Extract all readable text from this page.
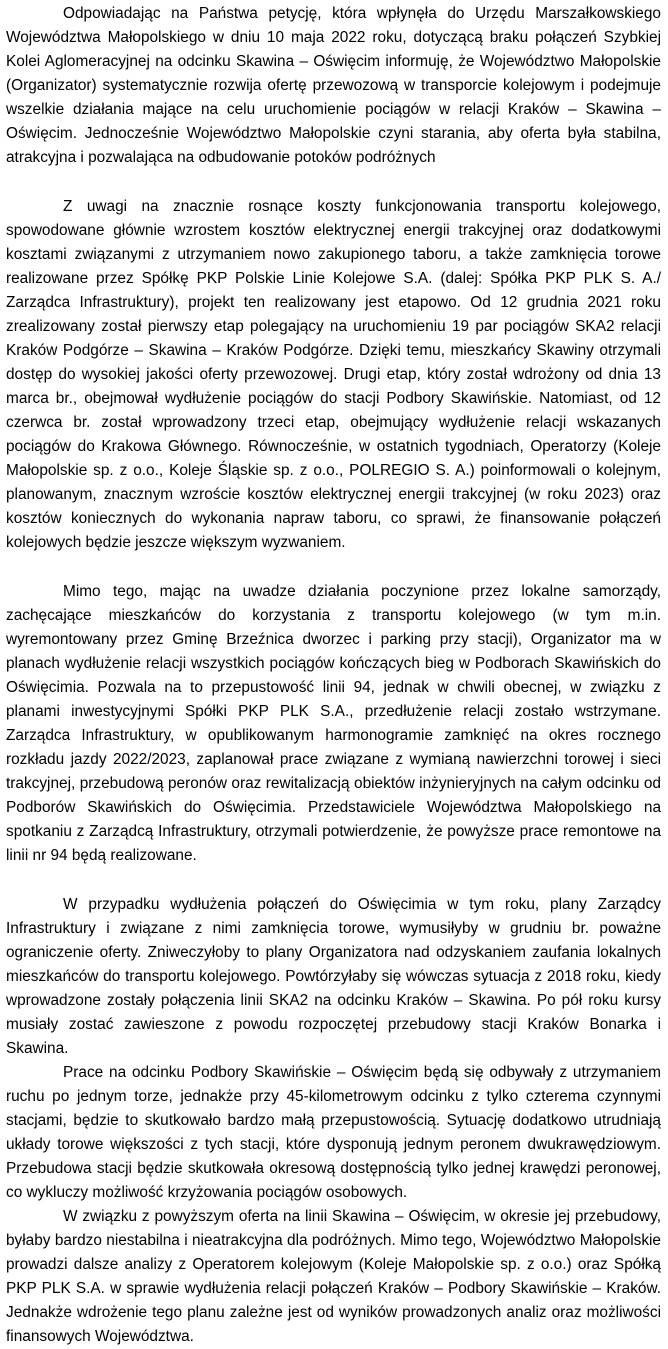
Odpowiadając na Państwa petycję, która wpłynęła do Urzędu Marszałkowskiego Województwa Małopolskiego w dniu 10 maja 2022 roku, dotyczącą braku połączeń Szybkiej Kolei Aglomeracyjnej na odcinku Skawina – Oświęcim informuję, że Województwo Małopolskie (Organizator) systematycznie rozwija ofertę przewozową w transporcie kolejowym i podejmuje wszelkie działania mające na celu uruchomienie pociągów w relacji Kraków – Skawina – Oświęcim. Jednocześnie Województwo Małopolskie czyni starania, aby oferta była stabilna, atrakcyjna i pozwalająca na odbudowanie potoków podróżnych

Z uwagi na znacznie rosnące koszty funkcjonowania transportu kolejowego, spowodowane głównie wzrostem kosztów elektrycznej energii trakcyjnej oraz dodatkowymi kosztami związanymi z utrzymaniem nowo zakupionego taboru, a także zamknięcia torowe realizowane przez Spółkę PKP Polskie Linie Kolejowe S.A. (dalej: Spółka PKP PLK S. A./ Zarządca Infrastruktury), projekt ten realizowany jest etapowo. Od 12 grudnia 2021 roku zrealizowany został pierwszy etap polegający na uruchomieniu 19 par pociągów SKA2 relacji Kraków Podgórze – Skawina – Kraków Podgórze. Dzięki temu, mieszkańcy Skawiny otrzymali dostęp do wysokiej jakości oferty przewozowej. Drugi etap, który został wdrożony od dnia 13 marca br., obejmował wydłużenie pociągów do stacji Podbory Skawińskie. Natomiast, od 12 czerwca br. został wprowadzony trzeci etap, obejmujący wydłużenie relacji wskazanych pociągów do Krakowa Głównego. Równocześnie, w ostatnich tygodniach, Operatorzy (Koleje Małopolskie sp. z o.o., Koleje Śląskie sp. z o.o., POLREGIO S. A.) poinformowali o kolejnym, planowanym, znacznym wzroście kosztów elektrycznej energii trakcyjnej (w roku 2023) oraz kosztów koniecznych do wykonania napraw taboru, co sprawi, że finansowanie połączeń kolejowych będzie jeszcze większym wyzwaniem.

Mimo tego, mając na uwadze działania poczynione przez lokalne samorządy, zachęcające mieszkańców do korzystania z transportu kolejowego (w tym m.in. wyremontowany przez Gminę Brzeźnica dworzec i parking przy stacji), Organizator ma w planach wydłużenie relacji wszystkich pociągów kończących bieg w Podborach Skawińskich do Oświęcimia. Pozwala na to przepustowość linii 94, jednak w chwili obecnej, w związku z planami inwestycyjnymi Spółki PKP PLK S.A., przedłużenie relacji zostało wstrzymane. Zarządca Infrastruktury, w opublikowanym harmonogramie zamknięć na okres rocznego rozkładu jazdy 2022/2023, zaplanował prace związane z wymianą nawierzchni torowej i sieci trakcyjnej, przebudową peronów oraz rewitalizacją obiektów inżynieryjnych na całym odcinku od Podborów Skawińskich do Oświęcimia. Przedstawiciele Województwa Małopolskiego na spotkaniu z Zarządcą Infrastruktury, otrzymali potwierdzenie, że powyższe prace remontowe na linii nr 94 będą realizowane.

W przypadku wydłużenia połączeń do Oświęcimia w tym roku, plany Zarządcy Infrastruktury i związane z nimi zamknięcia torowe, wymusiłyby w grudniu br. poważne ograniczenie oferty. Zniweczyłoby to plany Organizatora nad odzyskaniem zaufania lokalnych mieszkańców do transportu kolejowego. Powtórzyłaby się wówczas sytuacja z 2018 roku, kiedy wprowadzone zostały połączenia linii SKA2 na odcinku Kraków – Skawina. Po pół roku kursy musiały zostać zawieszone z powodu rozpoczętej przebudowy stacji Kraków Bonarka i Skawina.

Prace na odcinku Podbory Skawińskie – Oświęcim będą się odbywały z utrzymaniem ruchu po jednym torze, jednakże przy 45-kilometrowym odcinku z tylko czterema czynnymi stacjami, będzie to skutkowało bardzo małą przepustowością. Sytuację dodatkowo utrudniają układy torowe większości z tych stacji, które dysponują jednym peronem dwukrawędziowym. Przebudowa stacji będzie skutkowała okresową dostępnością tylko jednej krawędzi peronowej, co wykluczy możliwość krzyżowania pociągów osobowych.

W związku z powyższym oferta na linii Skawina – Oświęcim, w okresie jej przebudowy, byłaby bardzo niestabilna i nieatrakcyjna dla podróżnych. Mimo tego, Województwo Małopolskie prowadzi dalsze analizy z Operatorem kolejowym (Koleje Małopolskie sp. z o.o.) oraz Spółką PKP PLK S.A. w sprawie wydłużenia relacji połączeń Kraków – Podbory Skawińskie – Kraków. Jednakże wdrożenie tego planu zależne jest od wyników prowadzonych analiz oraz możliwości finansowych Województwa.
